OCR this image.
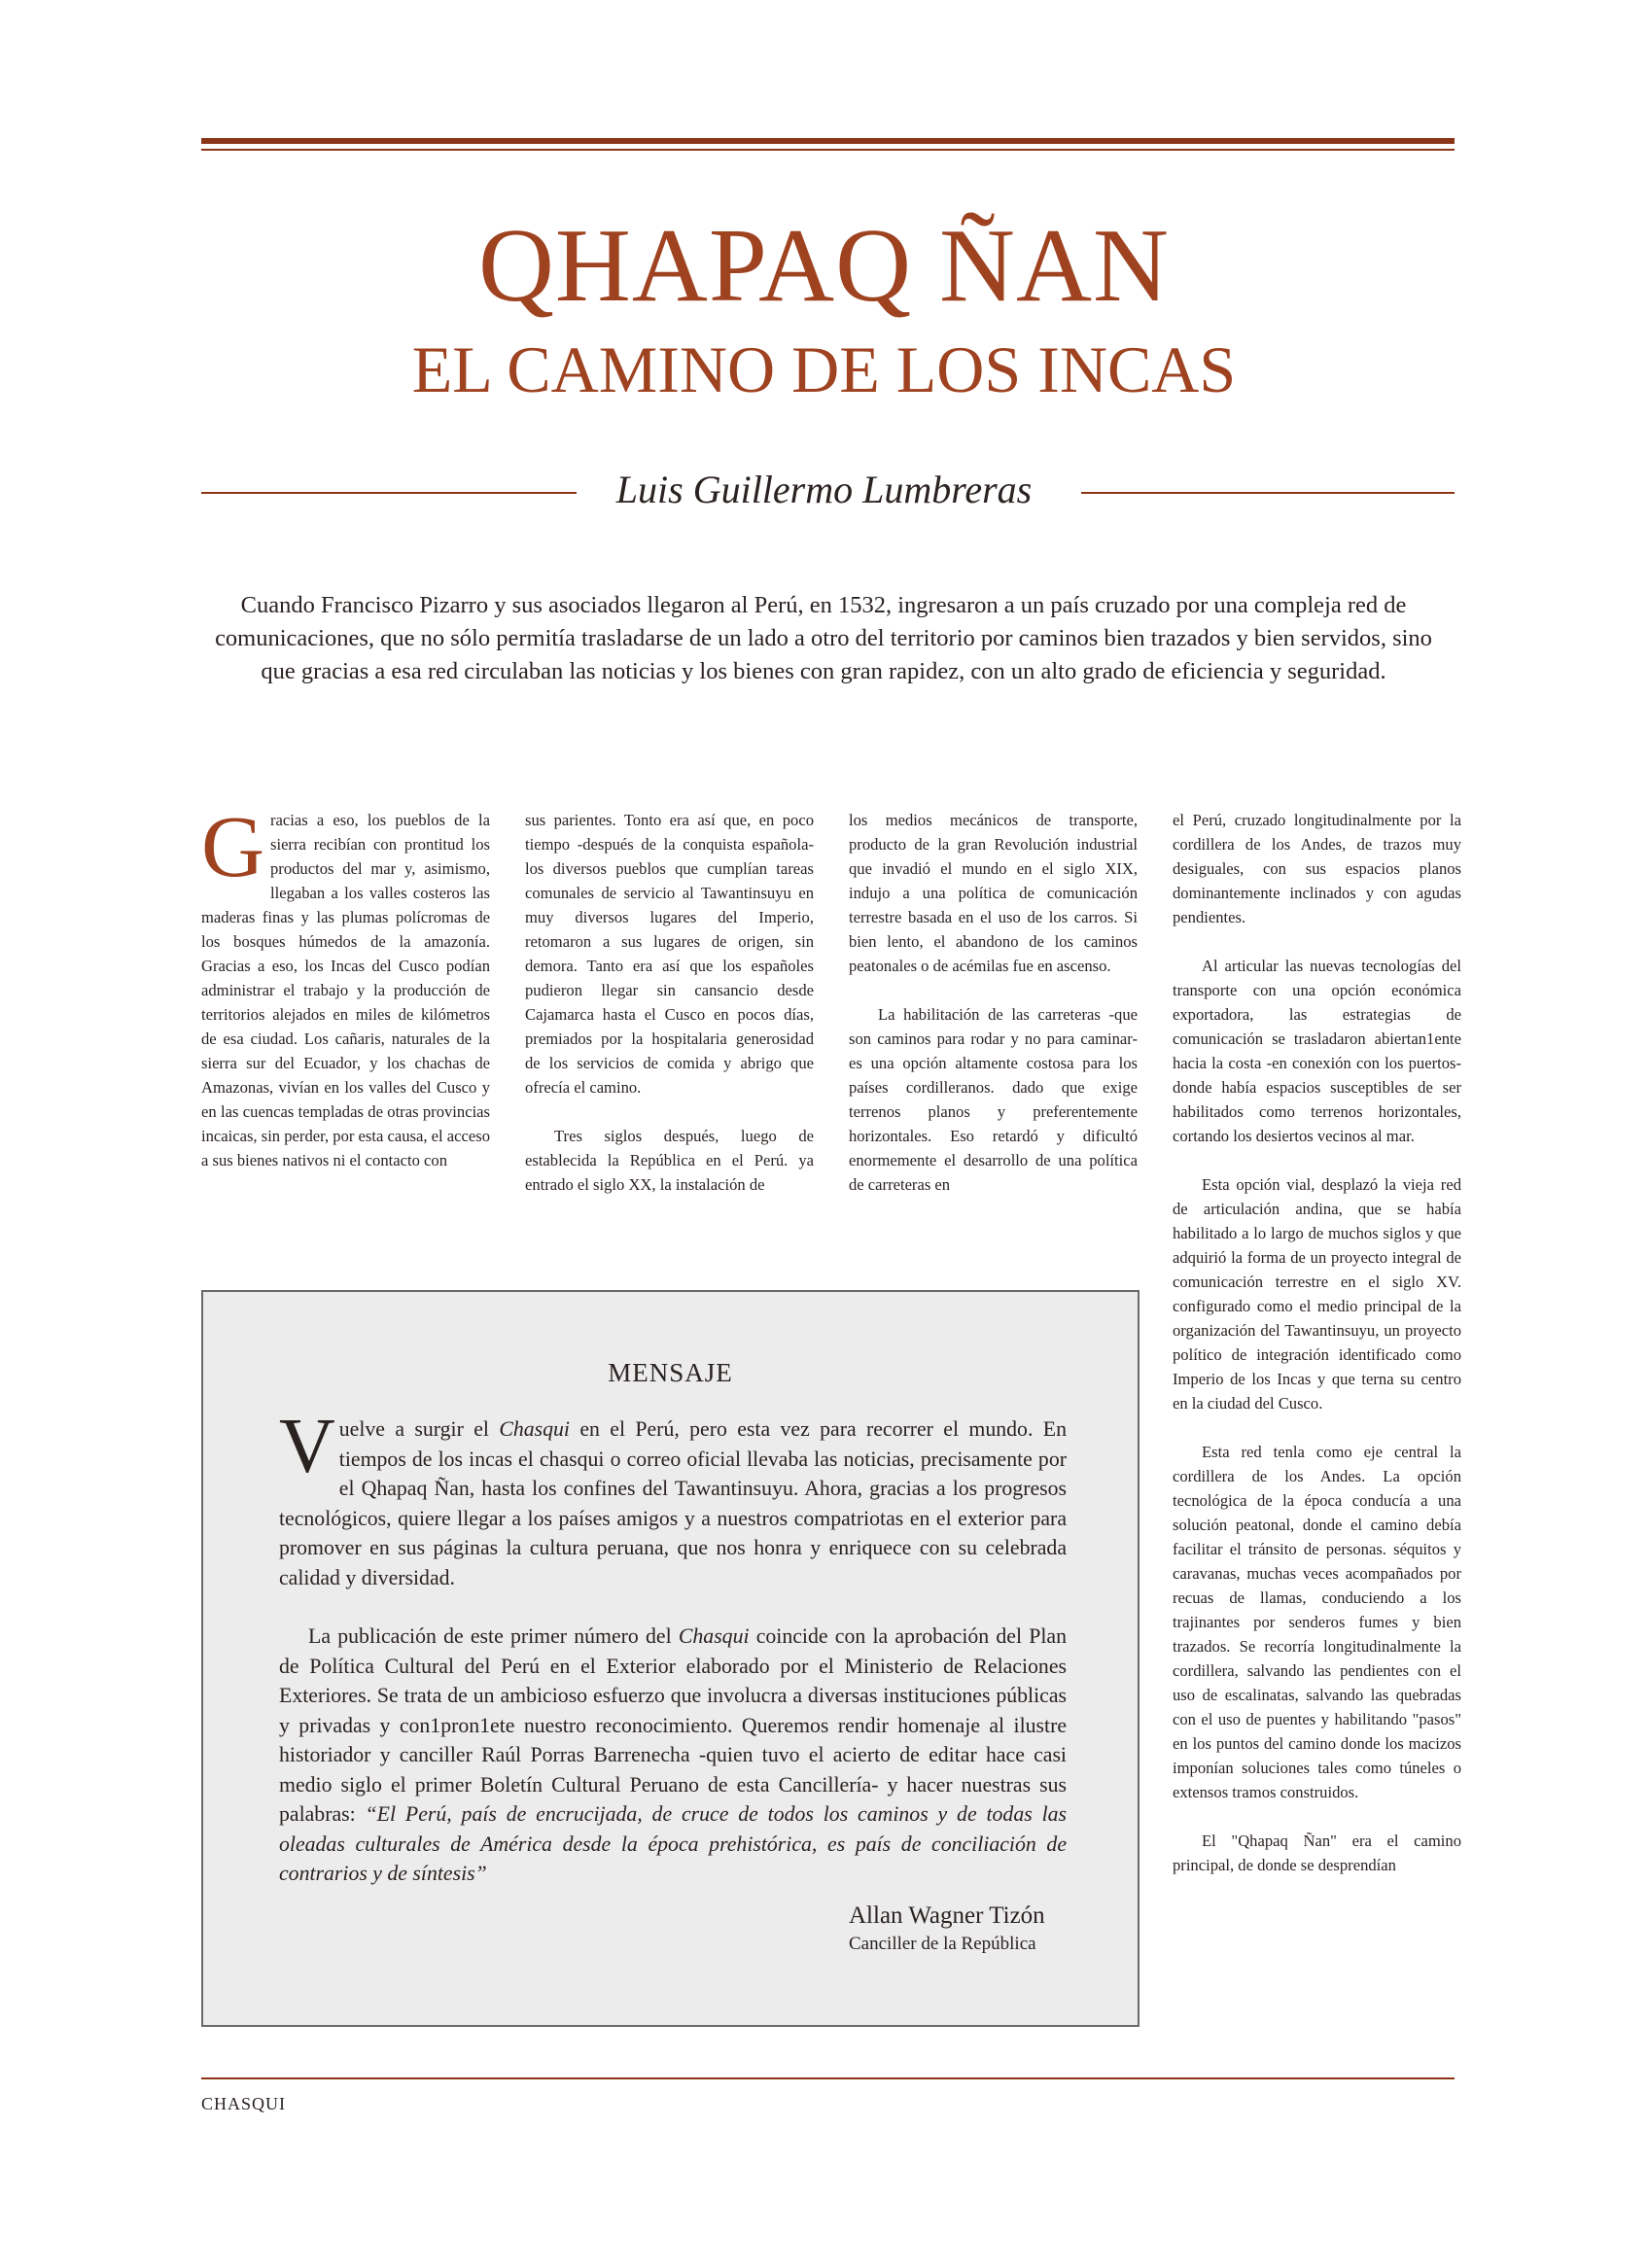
QHAPAQ ÑAN
EL CAMINO DE LOS INCAS
Luis Guillermo Lumbreras

Cuando Francisco Pizarro y sus asociados llegaron al Perú, en 1532, ingresaron a un país cruzado por una compleja red de comunicaciones, que no sólo permitía trasladarse de un lado a otro del territorio por caminos bien trazados y bien servidos, sino que gracias a esa red circulaban las noticias y los bienes con gran rapidez, con un alto grado de eficiencia y seguridad.

Gracias a eso, los pueblos de la sierra recibían con prontitud los productos del mar y, asimismo, llegaban a los valles costeros las maderas finas y las plumas polícromas de los bosques húmedos de la amazonía. Gracias a eso, los Incas del Cusco podían administrar el trabajo y la producción de territorios alejados en miles de kilómetros de esa ciudad. Los cañaris, naturales de la sierra sur del Ecuador, y los chachas de Amazonas, vivían en los valles del Cusco y en las cuencas templadas de otras provincias incaicas, sin perder, por esta causa, el acceso a sus bienes nativos ni el contacto con

sus parientes. Tonto era así que, en poco tiempo -después de la conquista española- los diversos pueblos que cumplían tareas comunales de servicio al Tawantinsuyu en muy diversos lugares del Imperio, retomaron a sus lugares de origen, sin demora. Tanto era así que los españoles pudieron llegar sin cansancio desde Cajamarca hasta el Cusco en pocos días, premiados por la hospitalaria generosidad de los servicios de comida y abrigo que ofrecía el camino.

Tres siglos después, luego de establecida la República en el Perú. ya entrado el siglo XX, la instalación de

los medios mecánicos de transporte, producto de la gran Revolución industrial que invadió el mundo en el siglo XIX, indujo a una política de comunicación terrestre basada en el uso de los carros. Si bien lento, el abandono de los caminos peatonales o de acémilas fue en ascenso.

La habilitación de las carreteras -que son caminos para rodar y no para caminar- es una opción altamente costosa para los países cordilleranos. dado que exige terrenos planos y preferentemente horizontales. Eso retardó y dificultó enormemente el desarrollo de una política de carreteras en

el Perú, cruzado longitudinalmente por la cordillera de los Andes, de trazos muy desiguales, con sus espacios planos dominantemente inclinados y con agudas pendientes.

Al articular las nuevas tecnologías del transporte con una opción económica exportadora, las estrategias de comunicación se trasladaron abiertan1ente hacia la costa -en conexión con los puertos- donde había espacios susceptibles de ser habilitados como terrenos horizontales, cortando los desiertos vecinos al mar.

Esta opción vial, desplazó la vieja red de articulación andina, que se había habilitado a lo largo de muchos siglos y que adquirió la forma de un proyecto integral de comunicación terrestre en el siglo XV. configurado como el medio principal de la organización del Tawantinsuyu, un proyecto político de integración identificado como Imperio de los Incas y que terna su centro en la ciudad del Cusco.

Esta red tenla como eje central la cordillera de los Andes. La opción tecnológica de la época conducía a una solución peatonal, donde el camino debía facilitar el tránsito de personas. séquitos y caravanas, muchas veces acompañados por recuas de llamas, conduciendo a los trajinantes por senderos fumes y bien trazados. Se recorría longitudinalmente la cordillera, salvando las pendientes con el uso de escalinatas, salvando las quebradas con el uso de puentes y habilitando "pasos" en los puntos del camino donde los macizos imponían soluciones tales como túneles o extensos tramos construidos.

El "Qhapaq Ñan" era el camino principal, de donde se desprendían

MENSAJE

Vuelve a surgir el Chasqui en el Perú, pero esta vez para recorrer el mundo. En tiempos de los incas el chasqui o correo oficial llevaba las noticias, precisamente por el Qhapaq Ñan, hasta los confines del Tawantinsuyu. Ahora, gracias a los progresos tecnológicos, quiere llegar a los países amigos y a nuestros compatriotas en el exterior para promover en sus páginas la cultura peruana, que nos honra y enriquece con su celebrada calidad y diversidad.

La publicación de este primer número del Chasqui coincide con la aprobación del Plan de Política Cultural del Perú en el Exterior elaborado por el Ministerio de Relaciones Exteriores. Se trata de un ambicioso esfuerzo que involucra a diversas instituciones públicas y privadas y con1pron1ete nuestro reconocimiento. Queremos rendir homenaje al ilustre historiador y canciller Raúl Porras Barrenecha -quien tuvo el acierto de editar hace casi medio siglo el primer Boletín Cultural Peruano de esta Cancillería- y hacer nuestras sus palabras: “El Perú, país de encrucijada, de cruce de todos los caminos y de todas las oleadas culturales de América desde la época prehistórica, es país de conciliación de contrarios y de síntesis”

Allan Wagner Tizón
Canciller de la República
CHASQUI
